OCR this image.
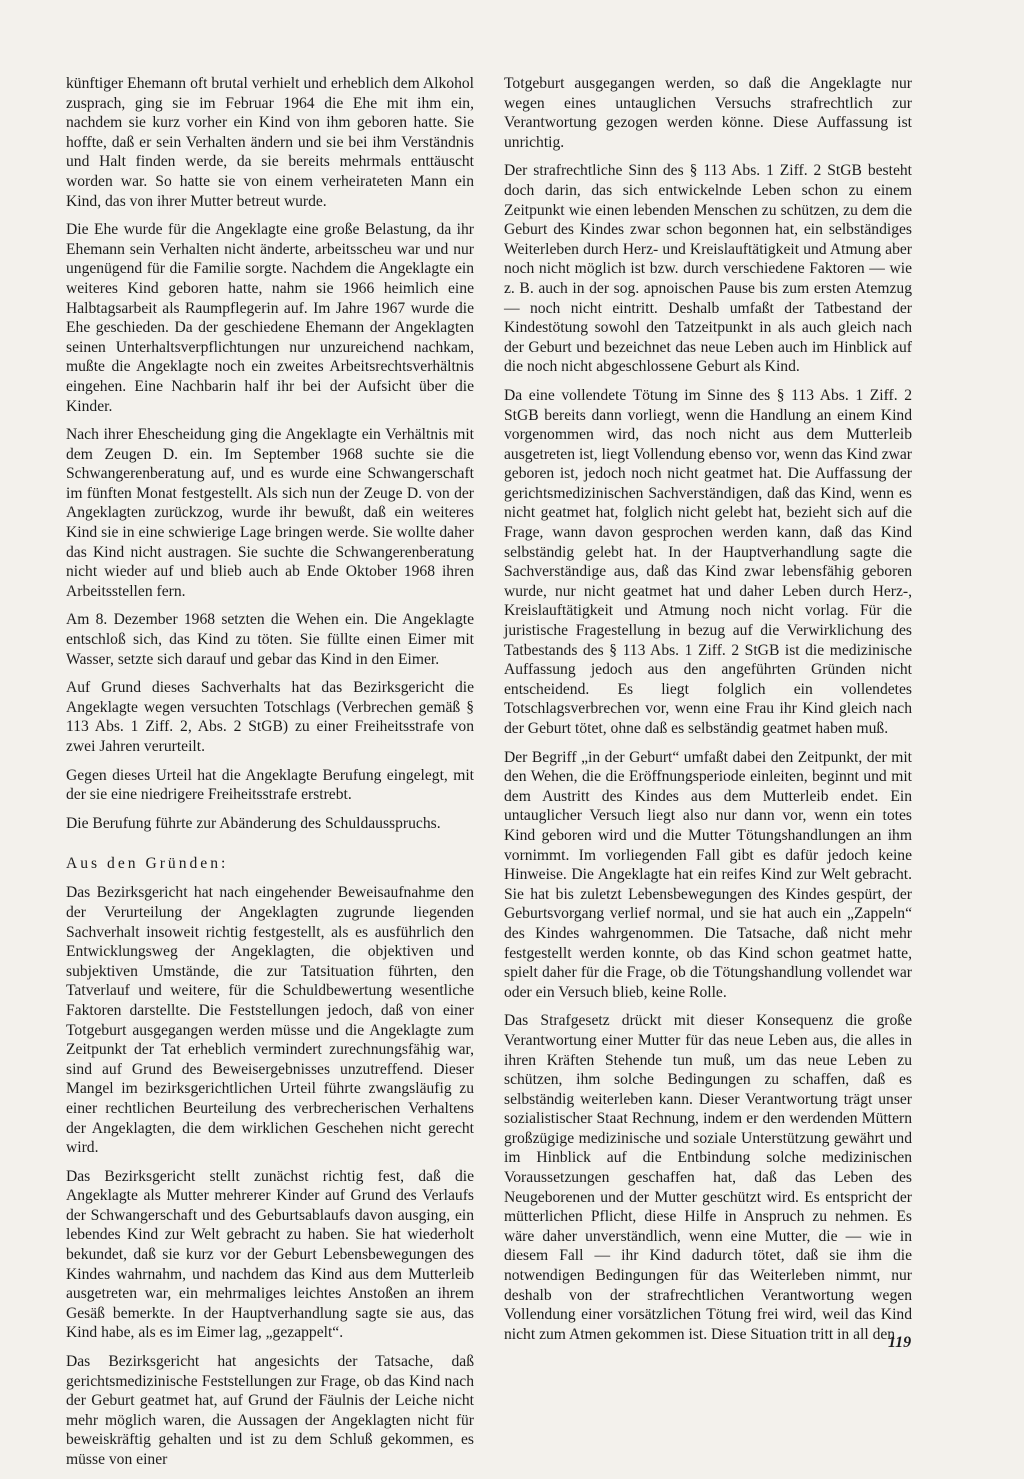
künftiger Ehemann oft brutal verhielt und erheblich dem Alkohol zusprach, ging sie im Februar 1964 die Ehe mit ihm ein, nachdem sie kurz vorher ein Kind von ihm geboren hatte. Sie hoffte, daß er sein Verhalten ändern und sie bei ihm Verständnis und Halt finden werde, da sie bereits mehrmals enttäuscht worden war. So hatte sie von einem verheirateten Mann ein Kind, das von ihrer Mutter betreut wurde.

Die Ehe wurde für die Angeklagte eine große Belastung, da ihr Ehemann sein Verhalten nicht änderte, arbeitsscheu war und nur ungenügend für die Familie sorgte. Nachdem die Angeklagte ein weiteres Kind geboren hatte, nahm sie 1966 heimlich eine Halbtagsarbeit als Raumpflegerin auf. Im Jahre 1967 wurde die Ehe geschieden. Da der geschiedene Ehemann der Angeklagten seinen Unterhaltsverpflichtungen nur unzureichend nachkam, mußte die Angeklagte noch ein zweites Arbeitsrechtsverhältnis eingehen. Eine Nachbarin half ihr bei der Aufsicht über die Kinder.

Nach ihrer Ehescheidung ging die Angeklagte ein Verhältnis mit dem Zeugen D. ein. Im September 1968 suchte sie die Schwangerenberatung auf, und es wurde eine Schwangerschaft im fünften Monat festgestellt. Als sich nun der Zeuge D. von der Angeklagten zurückzog, wurde ihr bewußt, daß ein weiteres Kind sie in eine schwierige Lage bringen werde. Sie wollte daher das Kind nicht austragen. Sie suchte die Schwangerenberatung nicht wieder auf und blieb auch ab Ende Oktober 1968 ihren Arbeitsstellen fern.

Am 8. Dezember 1968 setzten die Wehen ein. Die Angeklagte entschloß sich, das Kind zu töten. Sie füllte einen Eimer mit Wasser, setzte sich darauf und gebar das Kind in den Eimer.

Auf Grund dieses Sachverhalts hat das Bezirksgericht die Angeklagte wegen versuchten Totschlags (Verbrechen gemäß § 113 Abs. 1 Ziff. 2, Abs. 2 StGB) zu einer Freiheitsstrafe von zwei Jahren verurteilt.

Gegen dieses Urteil hat die Angeklagte Berufung eingelegt, mit der sie eine niedrigere Freiheitsstrafe erstrebt.

Die Berufung führte zur Abänderung des Schuldausspruchs.

Aus den Gründen:

Das Bezirksgericht hat nach eingehender Beweisaufnahme den der Verurteilung der Angeklagten zugrunde liegenden Sachverhalt insoweit richtig festgestellt, als es ausführlich den Entwicklungsweg der Angeklagten, die objektiven und subjektiven Umstände, die zur Tatsituation führten, den Tatverlauf und weitere, für die Schuldbewertung wesentliche Faktoren darstellte. Die Feststellungen jedoch, daß von einer Totgeburt ausgegangen werden müsse und die Angeklagte zum Zeitpunkt der Tat erheblich vermindert zurechnungsfähig war, sind auf Grund des Beweisergebnisses unzutreffend. Dieser Mangel im bezirksgerichtlichen Urteil führte zwangsläufig zu einer rechtlichen Beurteilung des verbrecherischen Verhaltens der Angeklagten, die dem wirklichen Geschehen nicht gerecht wird.

Das Bezirksgericht stellt zunächst richtig fest, daß die Angeklagte als Mutter mehrerer Kinder auf Grund des Verlaufs der Schwangerschaft und des Geburtsablaufs davon ausging, ein lebendes Kind zur Welt gebracht zu haben. Sie hat wiederholt bekundet, daß sie kurz vor der Geburt Lebensbewegungen des Kindes wahrnahm, und nachdem das Kind aus dem Mutterleib ausgetreten war, ein mehrmaliges leichtes Anstoßen an ihrem Gesäß bemerkte. In der Hauptverhandlung sagte sie aus, das Kind habe, als es im Eimer lag, „gezappelt“.

Das Bezirksgericht hat angesichts der Tatsache, daß gerichtsmedizinische Feststellungen zur Frage, ob das Kind nach der Geburt geatmet hat, auf Grund der Fäulnis der Leiche nicht mehr möglich waren, die Aussagen der Angeklagten nicht für beweiskräftig gehalten und ist zu dem Schluß gekommen, es müsse von einer

Totgeburt ausgegangen werden, so daß die Angeklagte nur wegen eines untauglichen Versuchs strafrechtlich zur Verantwortung gezogen werden könne. Diese Auffassung ist unrichtig.

Der strafrechtliche Sinn des § 113 Abs. 1 Ziff. 2 StGB besteht doch darin, das sich entwickelnde Leben schon zu einem Zeitpunkt wie einen lebenden Menschen zu schützen, zu dem die Geburt des Kindes zwar schon begonnen hat, ein selbständiges Weiterleben durch Herz- und Kreislauftätigkeit und Atmung aber noch nicht möglich ist bzw. durch verschiedene Faktoren — wie z. B. auch in der sog. apnoischen Pause bis zum ersten Atemzug — noch nicht eintritt. Deshalb umfaßt der Tatbestand der Kindestötung sowohl den Tatzeitpunkt in als auch gleich nach der Geburt und bezeichnet das neue Leben auch im Hinblick auf die noch nicht abgeschlossene Geburt als Kind.

Da eine vollendete Tötung im Sinne des § 113 Abs. 1 Ziff. 2 StGB bereits dann vorliegt, wenn die Handlung an einem Kind vorgenommen wird, das noch nicht aus dem Mutterleib ausgetreten ist, liegt Vollendung ebenso vor, wenn das Kind zwar geboren ist, jedoch noch nicht geatmet hat. Die Auffassung der gerichtsmedizinischen Sachverständigen, daß das Kind, wenn es nicht geatmet hat, folglich nicht gelebt hat, bezieht sich auf die Frage, wann davon gesprochen werden kann, daß das Kind selbständig gelebt hat. In der Hauptverhandlung sagte die Sachverständige aus, daß das Kind zwar lebensfähig geboren wurde, nur nicht geatmet hat und daher Leben durch Herz-, Kreislauftätigkeit und Atmung noch nicht vorlag. Für die juristische Fragestellung in bezug auf die Verwirklichung des Tatbestands des § 113 Abs. 1 Ziff. 2 StGB ist die medizinische Auffassung jedoch aus den angeführten Gründen nicht entscheidend. Es liegt folglich ein vollendetes Totschlagsverbrechen vor, wenn eine Frau ihr Kind gleich nach der Geburt tötet, ohne daß es selbständig geatmet haben muß.

Der Begriff „in der Geburt“ umfaßt dabei den Zeitpunkt, der mit den Wehen, die die Eröffnungsperiode einleiten, beginnt und mit dem Austritt des Kindes aus dem Mutterleib endet. Ein untauglicher Versuch liegt also nur dann vor, wenn ein totes Kind geboren wird und die Mutter Tötungshandlungen an ihm vornimmt. Im vorliegenden Fall gibt es dafür jedoch keine Hinweise. Die Angeklagte hat ein reifes Kind zur Welt gebracht. Sie hat bis zuletzt Lebensbewegungen des Kindes gespürt, der Geburtsvorgang verlief normal, und sie hat auch ein „Zappeln“ des Kindes wahrgenommen. Die Tatsache, daß nicht mehr festgestellt werden konnte, ob das Kind schon geatmet hatte, spielt daher für die Frage, ob die Tötungshandlung vollendet war oder ein Versuch blieb, keine Rolle.

Das Strafgesetz drückt mit dieser Konsequenz die große Verantwortung einer Mutter für das neue Leben aus, die alles in ihren Kräften Stehende tun muß, um das neue Leben zu schützen, ihm solche Bedingungen zu schaffen, daß es selbständig weiterleben kann. Dieser Verantwortung trägt unser sozialistischer Staat Rechnung, indem er den werdenden Müttern großzügige medizinische und soziale Unterstützung gewährt und im Hinblick auf die Entbindung solche medizinischen Voraussetzungen geschaffen hat, daß das Leben des Neugeborenen und der Mutter geschützt wird. Es entspricht der mütterlichen Pflicht, diese Hilfe in Anspruch zu nehmen. Es wäre daher unverständlich, wenn eine Mutter, die — wie in diesem Fall — ihr Kind dadurch tötet, daß sie ihm die notwendigen Bedingungen für das Weiterleben nimmt, nur deshalb von der strafrechtlichen Verantwortung wegen Vollendung einer vorsätzlichen Tötung frei wird, weil das Kind nicht zum Atmen gekommen ist. Diese Situation tritt in all den

119
